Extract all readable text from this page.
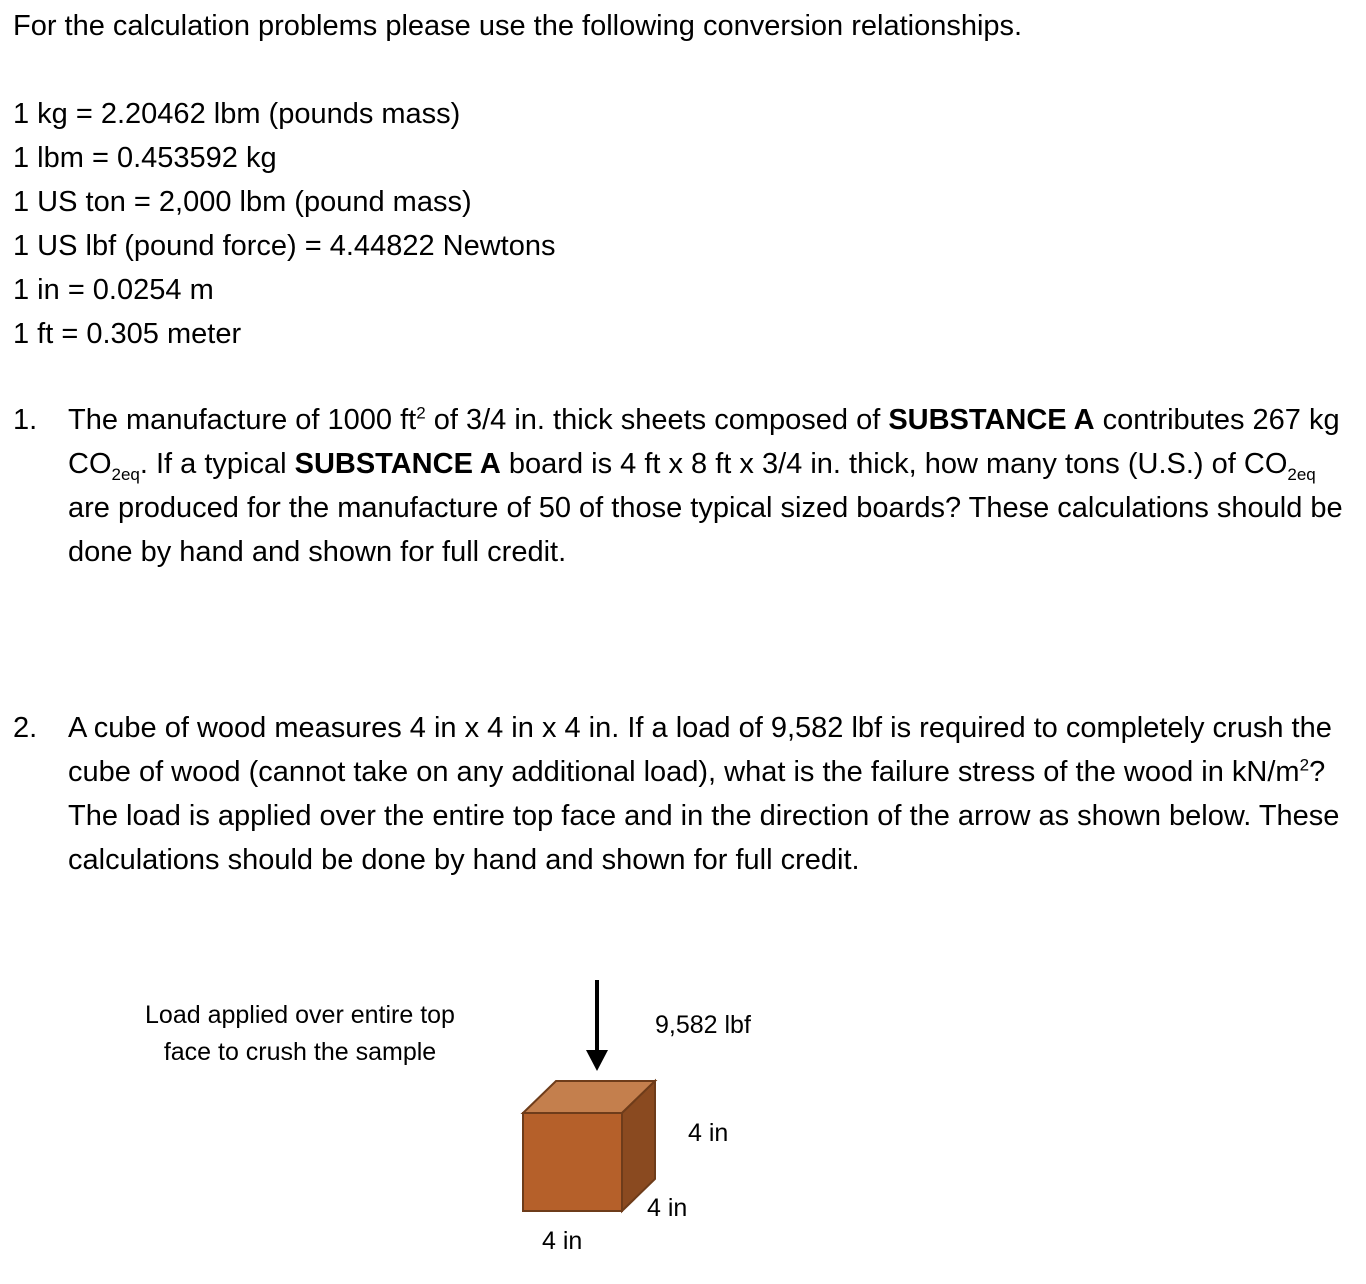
For the calculation problems please use the following conversion relationships.
1 kg = 2.20462 lbm (pounds mass)
1 lbm = 0.453592 kg
1 US ton = 2,000 lbm (pound mass)
1 US lbf (pound force) = 4.44822 Newtons
1 in = 0.0254 m
1 ft = 0.305 meter
1. The manufacture of 1000 $ft^2$ of 3/4 in. thick sheets composed of SUBSTANCE A contributes 267 kg $CO_{2eq}$. If a typical SUBSTANCE A board is 4 ft x 8 ft x 3/4 in. thick, how many tons (U.S.) of $CO_{2eq}$ are produced for the manufacture of 50 of those typical sized boards? These calculations should be done by hand and shown for full credit.
2. A cube of wood measures 4 in x 4 in x 4 in. If a load of 9,582 lbf is required to completely crush the cube of wood (cannot take on any additional load), what is the failure stress of the wood in $kN/m^2$? The load is applied over the entire top face and in the direction of the arrow as shown below. These calculations should be done by hand and shown for full credit.
Load applied over entire top
face to crush the sample
9,582 lbf
4 in
4 in
4 in
